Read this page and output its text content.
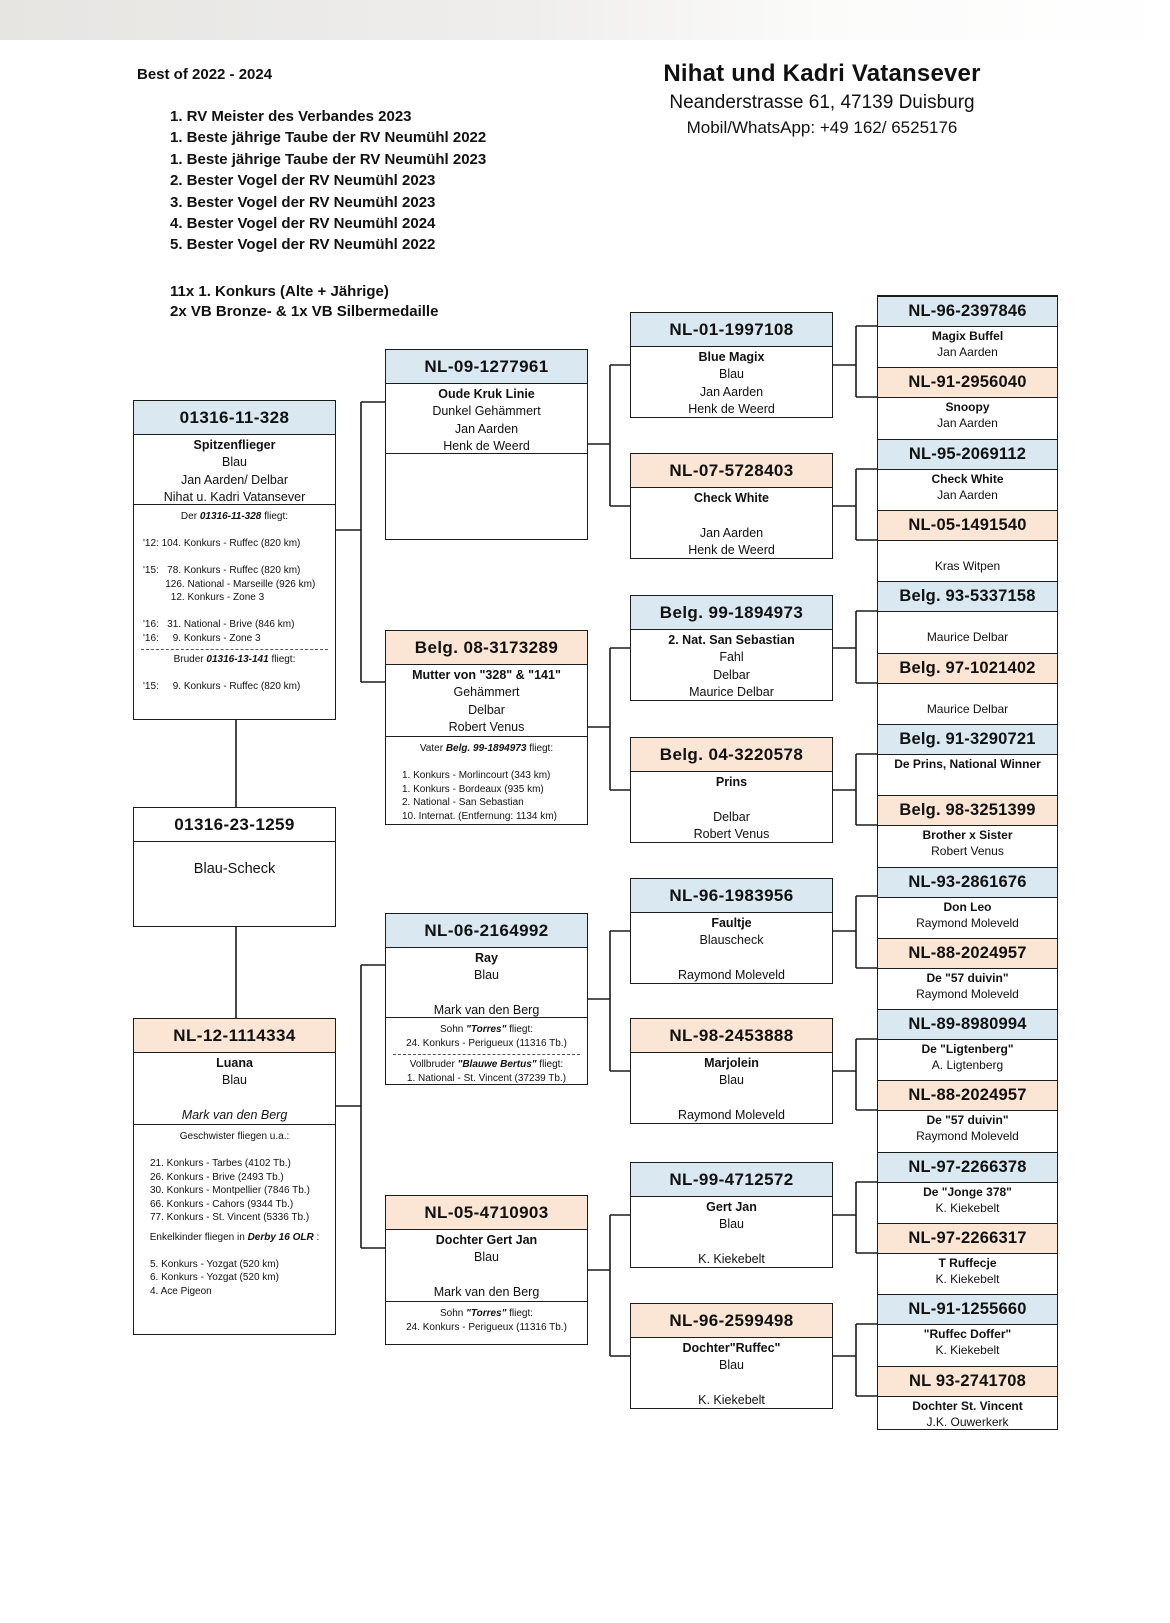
Best of 2022 - 2024
1. RV Meister des Verbandes 2023
1. Beste jährige Taube der RV Neumühl 2022
1. Beste jährige Taube der RV Neumühl 2023
2. Bester Vogel der RV Neumühl 2023
3. Bester Vogel der RV Neumühl 2023
4. Bester Vogel der RV Neumühl 2024
5. Bester Vogel der RV Neumühl 2022
11x 1. Konkurs (Alte + Jährige)
2x VB Bronze- & 1x VB Silbermedaille
Nihat und Kadri Vatansever
Neanderstrasse 61, 47139 Duisburg
Mobil/WhatsApp: +49 162/ 6525176
01316-11-328
Spitzenflieger
Blau
Jan Aarden/ Delbar
Nihat u. Kadri Vatansever
Der 01316-11-328 fliegt:

'12: 104. Konkurs - Ruffec (820 km)

'15:   78. Konkurs - Ruffec (820 km)
126. National - Marseille (926 km)
12. Konkurs - Zone 3

'16:   31. National - Brive (846 km)
'16:     9. Konkurs - Zone 3
Bruder 01316-13-141 fliegt:

'15:     9. Konkurs - Ruffec (820 km)
01316-23-1259
Blau-Scheck
NL-12-1114334
Luana
Blau

Mark van den Berg
Geschwister fliegen u.a.:

21. Konkurs - Tarbes (4102 Tb.)
26. Konkurs - Brive (2493 Tb.)
30. Konkurs - Montpellier (7846 Tb.)
66. Konkurs - Cahors (9344 Tb.)
77. Konkurs - St. Vincent (5336 Tb.)
Enkelkinder fliegen in Derby 16 OLR :

5. Konkurs - Yozgat (520 km)
6. Konkurs - Yozgat (520 km)
4. Ace Pigeon
NL-09-1277961
Oude Kruk Linie
Dunkel Gehämmert
Jan Aarden
Henk de Weerd
Belg. 08-3173289
Mutter von "328" & "141"
Gehämmert
Delbar
Robert Venus
Vater Belg. 99-1894973 fliegt:

1. Konkurs - Morlincourt (343 km)
1. Konkurs - Bordeaux (935 km)
2. National - San Sebastian
10. Internat. (Entfernung: 1134 km)
NL-06-2164992
Ray
Blau

Mark van den Berg
Sohn "Torres" fliegt:
24. Konkurs - Perigueux (11316 Tb.)
Vollbruder "Blauwe Bertus" fliegt:
1. National - St. Vincent (37239 Tb.)
NL-05-4710903
Dochter Gert Jan
Blau

Mark van den Berg
Sohn "Torres" fliegt:
24. Konkurs - Perigueux (11316 Tb.)
NL-01-1997108
Blue Magix
Blau
Jan Aarden
Henk de Weerd
NL-07-5728403
Check White

Jan Aarden
Henk de Weerd
Belg. 99-1894973
2. Nat. San Sebastian
Fahl
Delbar
Maurice Delbar
Belg. 04-3220578
Prins

Delbar
Robert Venus
NL-96-1983956
Faultje
Blauscheck

Raymond Moleveld
NL-98-2453888
Marjolein
Blau

Raymond Moleveld
NL-99-4712572
Gert Jan
Blau

K. Kiekebelt
NL-96-2599498
Dochter"Ruffec"
Blau

K. Kiekebelt
NL-96-2397846
Magix Buffel
Jan Aarden
NL-91-2956040
Snoopy
Jan Aarden
NL-95-2069112
Check White
Jan Aarden
NL-05-1491540
Kras Witpen
Belg. 93-5337158
Maurice Delbar
Belg. 97-1021402
Maurice Delbar
Belg. 91-3290721
De Prins, National Winner
Belg. 98-3251399
Brother x Sister
Robert Venus
NL-93-2861676
Don Leo
Raymond Moleveld
NL-88-2024957
De "57 duivin"
Raymond Moleveld
NL-89-8980994
De "Ligtenberg"
A. Ligtenberg
NL-88-2024957
De "57 duivin"
Raymond Moleveld
NL-97-2266378
De "Jonge 378"
K. Kiekebelt
NL-97-2266317
T Ruffecje
K. Kiekebelt
NL-91-1255660
"Ruffec Doffer"
K. Kiekebelt
NL 93-2741708
Dochter St. Vincent
J.K. Ouwerkerk
